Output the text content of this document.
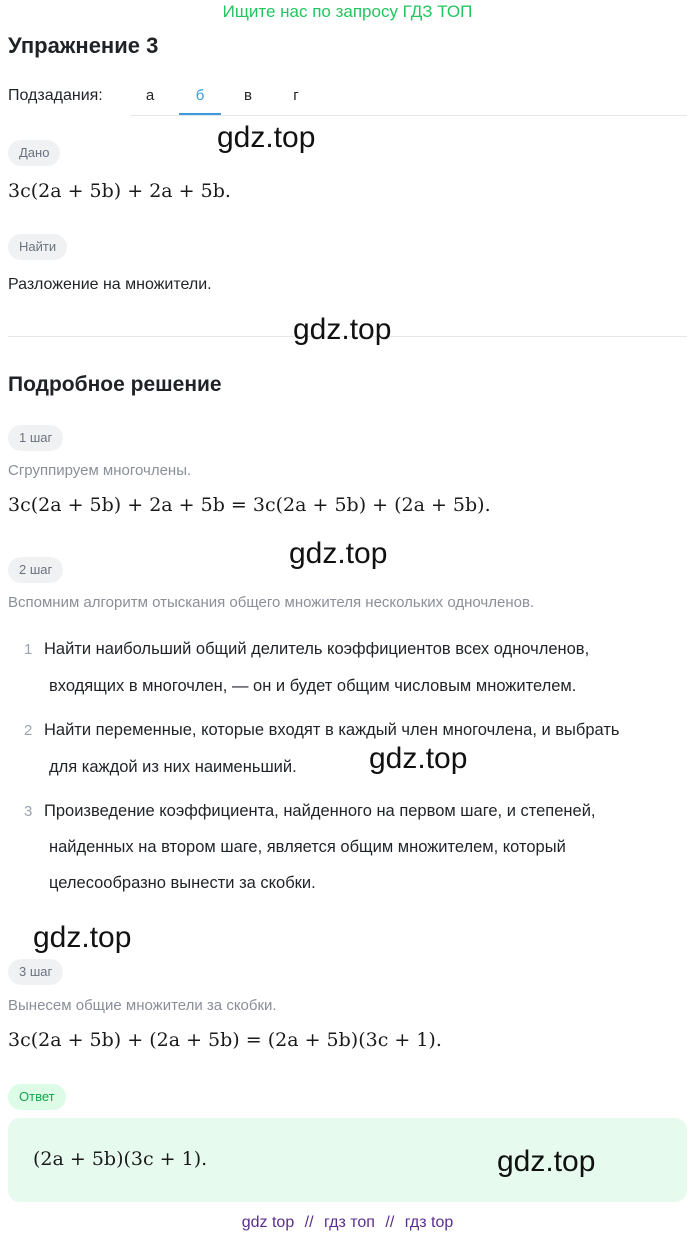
Ищите нас по запросу ГДЗ ТОП
Упражнение 3
Подзадания:	а	б	в	г
gdz.top
Дано
3c(2a + 5b) + 2a + 5b.
Найти
Разложение на множители.
gdz.top
Подробное решение
1 шаг
Сгруппируем многочлены.
3c(2a + 5b) + 2a + 5b = 3c(2a + 5b) + (2a + 5b).
gdz.top
2 шаг
Вспомним алгоритм отыскания общего множителя нескольких одночленов.
1 Найти наибольший общий делитель коэффициентов всех одночленов,
входящих в многочлен, — он и будет общим числовым множителем.
2 Найти переменные, которые входят в каждый член многочлена, и выбрать
для каждой из них наименьший. gdz.top
3 Произведение коэффициента, найденного на первом шаге, и степеней,
найденных на втором шаге, является общим множителем, который
целесообразно вынести за скобки.
gdz.top
3 шаг
Вынесем общие множители за скобки.
3c(2a + 5b) + (2a + 5b) = (2a + 5b)(3c + 1).
Ответ
(2a + 5b)(3c + 1).	gdz.top
gdz top // гдз топ // гдз top
